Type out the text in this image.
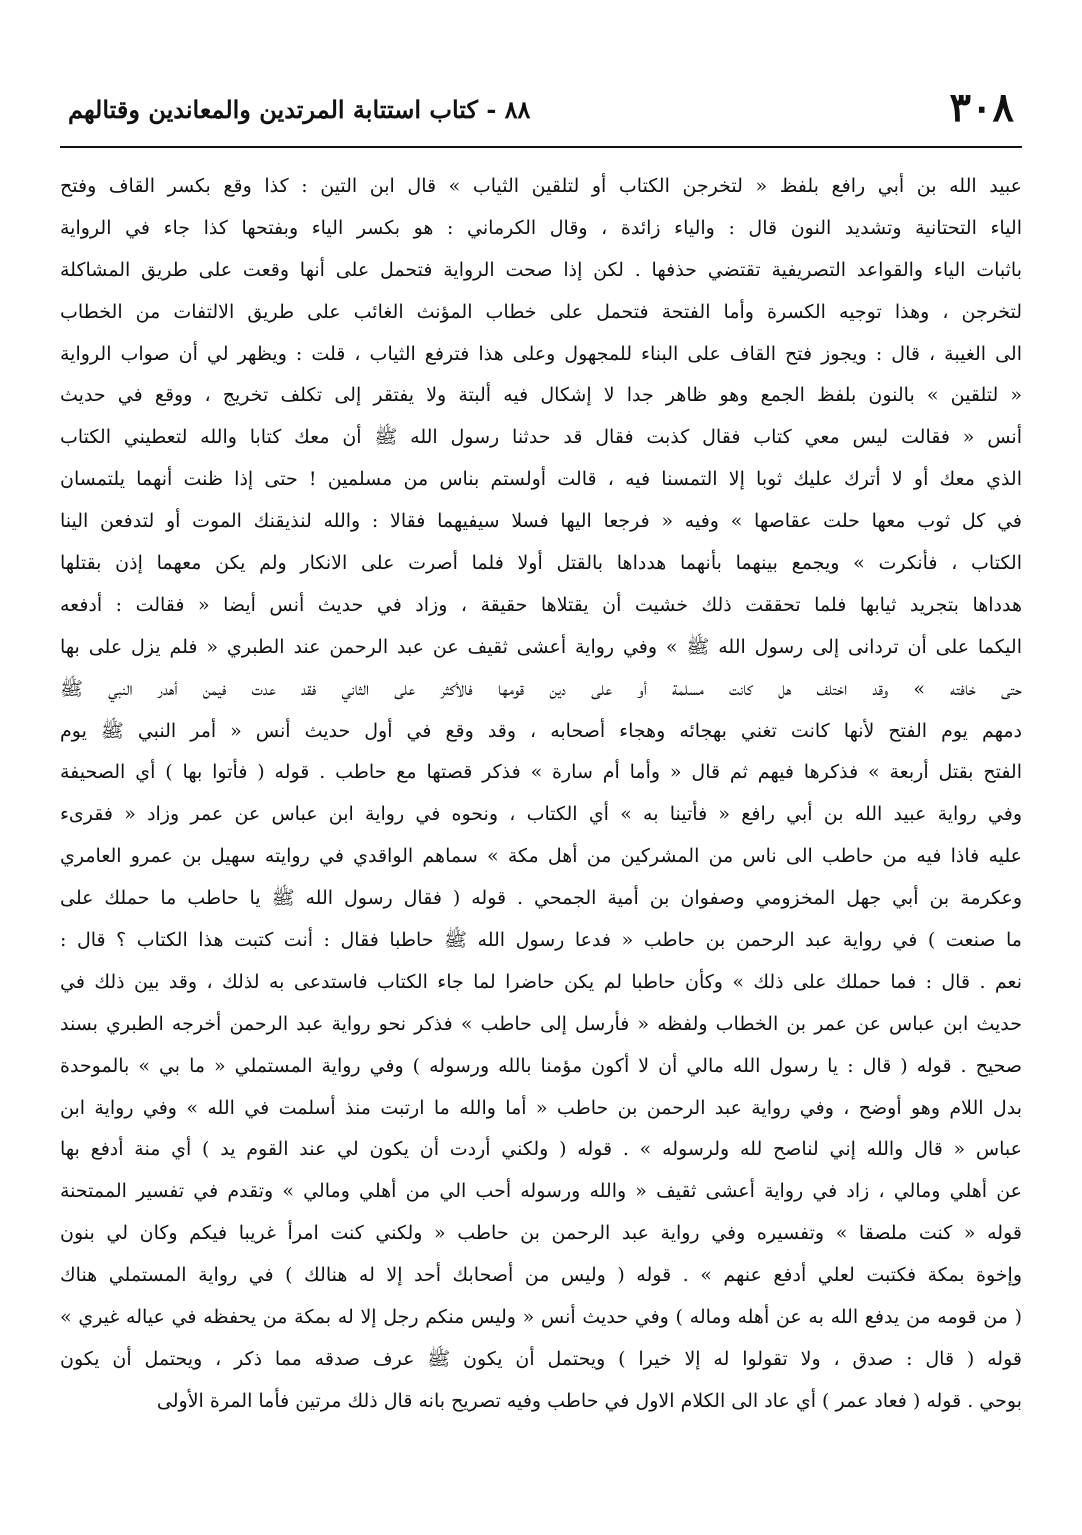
٣٠٨
٨٨ - كتاب استتابة المرتدين والمعاندين وقتالهم
عبيد الله بن أبي رافع بلفظ « لتخرجن الكتاب أو لتلقين الثياب » قال ابن التين : كذا وقع بكسر القاف وفتح
الياء التحتانية وتشديد النون قال : والياء زائدة ، وقال الكرماني : هو بكسر الياء وبفتحها كذا جاء في الرواية
باثبات الياء والقواعد التصريفية تقتضي حذفها . لكن إذا صحت الرواية فتحمل على أنها وقعت على طريق المشاكلة
لتخرجن ، وهذا توجيه الكسرة وأما الفتحة فتحمل على خطاب المؤنث الغائب على طريق الالتفات من الخطاب
الى الغيبة ، قال : ويجوز فتح القاف على البناء للمجهول وعلى هذا فترفع الثياب ، قلت : ويظهر لي أن صواب الرواية
« لتلقين » بالنون بلفظ الجمع وهو ظاهر جدا لا إشكال فيه ألبتة ولا يفتقر إلى تكلف تخريج ، ووقع في حديث
أنس « فقالت ليس معي كتاب فقال كذبت فقال قد حدثنا رسول الله ﷺ أن معك كتابا والله لتعطيني الكتاب
الذي معك أو لا أترك عليك ثوبا إلا التمسنا فيه ، قالت أولستم بناس من مسلمين ! حتى إذا ظنت أنهما يلتمسان
في كل ثوب معها حلت عقاصها » وفيه « فرجعا اليها فسلا سيفيهما فقالا : والله لنذيقنك الموت أو لتدفعن الينا
الكتاب ، فأنكرت » ويجمع بينهما بأنهما هدداها بالقتل أولا فلما أصرت على الانكار ولم يكن معهما إذن بقتلها
هدداها بتجريد ثيابها فلما تحققت ذلك خشيت أن يقتلاها حقيقة ، وزاد في حديث أنس أيضا « فقالت : أدفعه
اليكما على أن تردانى إلى رسول الله ﷺ » وفي رواية أعشى ثقيف عن عبد الرحمن عند الطبري « فلم يزل على بها
حتى خافته » وقد اختلف هل كانت مسلمة أو على دين قومها فالأكثر على الثاني فقد عدت فيمن أهدر النبي ﷺ
دمهم يوم الفتح لأنها كانت تغني بهجائه وهجاء أصحابه ، وقد وقع في أول حديث أنس « أمر النبي ﷺ يوم
الفتح بقتل أربعة » فذكرها فيهم ثم قال « وأما أم سارة » فذكر قصتها مع حاطب . قوله ( فأتوا بها ) أي الصحيفة
وفي رواية عبيد الله بن أبي رافع « فأتينا به » أي الكتاب ، ونحوه في رواية ابن عباس عن عمر وزاد « فقرىء
عليه فاذا فيه من حاطب الى ناس من المشركين من أهل مكة » سماهم الواقدي في روايته سهيل بن عمرو العامري
وعكرمة بن أبي جهل المخزومي وصفوان بن أمية الجمحي . قوله ( فقال رسول الله ﷺ يا حاطب ما حملك على
ما صنعت ) في رواية عبد الرحمن بن حاطب « فدعا رسول الله ﷺ حاطبا فقال : أنت كتبت هذا الكتاب ؟ قال :
نعم . قال : فما حملك على ذلك » وكأن حاطبا لم يكن حاضرا لما جاء الكتاب فاستدعى به لذلك ، وقد بين ذلك في
حديث ابن عباس عن عمر بن الخطاب ولفظه « فأرسل إلى حاطب » فذكر نحو رواية عبد الرحمن أخرجه الطبري بسند
صحيح . قوله ( قال : يا رسول الله مالي أن لا أكون مؤمنا بالله ورسوله ) وفي رواية المستملي « ما بي » بالموحدة
بدل اللام وهو أوضح ، وفي رواية عبد الرحمن بن حاطب « أما والله ما ارتبت منذ أسلمت في الله » وفي رواية ابن
عباس « قال والله إني لناصح لله ولرسوله » . قوله ( ولكني أردت أن يكون لي عند القوم يد ) أي منة أدفع بها
عن أهلي ومالي ، زاد في رواية أعشى ثقيف « والله ورسوله أحب الي من أهلي ومالي » وتقدم في تفسير الممتحنة
قوله « كنت ملصقا » وتفسيره وفي رواية عبد الرحمن بن حاطب « ولكني كنت امرأ غريبا فيكم وكان لي بنون
وإخوة بمكة فكتبت لعلي أدفع عنهم » . قوله ( وليس من أصحابك أحد إلا له هنالك ) في رواية المستملي هناك
( من قومه من يدفع الله به عن أهله وماله ) وفي حديث أنس « وليس منكم رجل إلا له بمكة من يحفظه في عياله غيري »
قوله ( قال : صدق ، ولا تقولوا له إلا خيرا ) ويحتمل أن يكون ﷺ عرف صدقه مما ذكر ، ويحتمل أن يكون
بوحي . قوله ( فعاد عمر ) أي عاد الى الكلام الاول في حاطب وفيه تصريح بانه قال ذلك مرتين فأما المرة الأولى
